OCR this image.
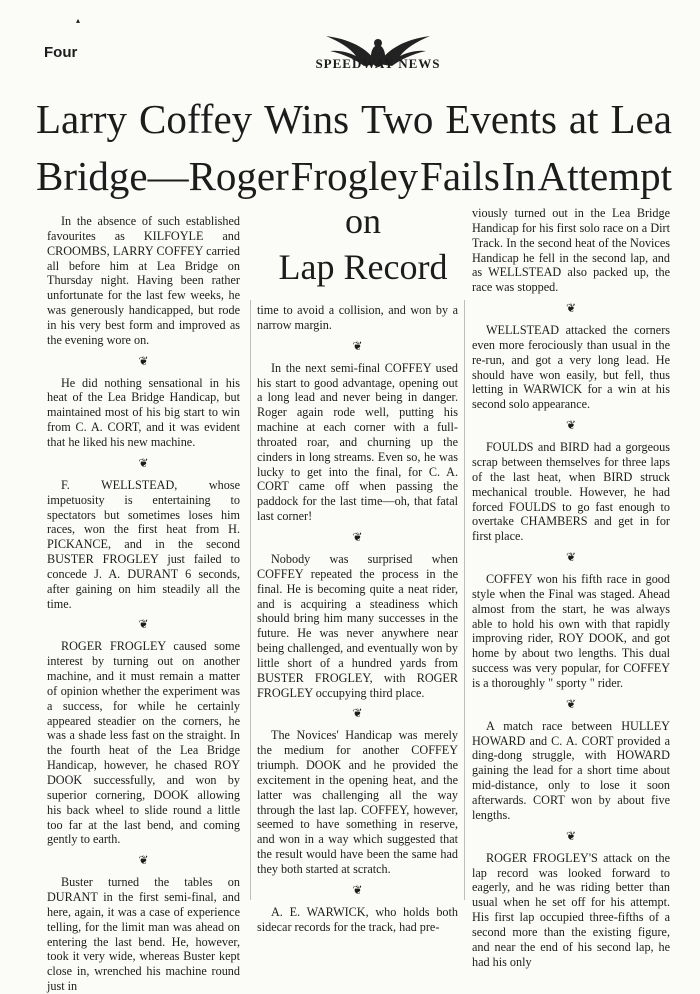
▴
Four
SPEEDWAY NEWS
Larry Coffey Wins Two Events at Lea
Bridge—Roger Frogley Fails In Attempt
on
Lap Record

In the absence of such established favourites as KILFOYLE and CROOMBS, LARRY COFFEY carried all before him at Lea Bridge on Thursday night. Having been rather unfortunate for the last few weeks, he was generously handicapped, but rode in his very best form and improved as the evening wore on.

❦

He did nothing sensational in his heat of the Lea Bridge Handicap, but maintained most of his big start to win from C. A. CORT, and it was evident that he liked his new machine.

❦

F. WELLSTEAD, whose impetuosity is entertaining to spectators but sometimes loses him races, won the first heat from H. PICKANCE, and in the second BUSTER FROGLEY just failed to concede J. A. DURANT 6 seconds, after gaining on him steadily all the time.

❦

ROGER FROGLEY caused some interest by turning out on another machine, and it must remain a matter of opinion whether the experiment was a success, for while he certainly appeared steadier on the corners, he was a shade less fast on the straight. In the fourth heat of the Lea Bridge Handicap, however, he chased ROY DOOK successfully, and won by superior cornering, DOOK allowing his back wheel to slide round a little too far at the last bend, and coming gently to earth.

❦

Buster turned the tables on DURANT in the first semi-final, and here, again, it was a case of experience telling, for the limit man was ahead on entering the last bend. He, however, took it very wide, whereas Buster kept close in, wrenched his machine round just in

time to avoid a collision, and won by a narrow margin.

❦

In the next semi-final COFFEY used his start to good advantage, opening out a long lead and never being in danger. Roger again rode well, putting his machine at each corner with a full-throated roar, and churning up the cinders in long streams. Even so, he was lucky to get into the final, for C. A. CORT came off when passing the paddock for the last time—oh, that fatal last corner!

❦

Nobody was surprised when COFFEY repeated the process in the final. He is becoming quite a neat rider, and is acquiring a steadiness which should bring him many successes in the future. He was never anywhere near being challenged, and eventually won by little short of a hundred yards from BUSTER FROGLEY, with ROGER FROGLEY occupying third place.

❦

The Novices' Handicap was merely the medium for another COFFEY triumph. DOOK and he provided the excitement in the opening heat, and the latter was challenging all the way through the last lap. COFFEY, however, seemed to have something in reserve, and won in a way which suggested that the result would have been the same had they both started at scratch.

❦

A. E. WARWICK, who holds both sidecar records for the track, had pre-

viously turned out in the Lea Bridge Handicap for his first solo race on a Dirt Track. In the second heat of the Novices Handicap he fell in the second lap, and as WELLSTEAD also packed up, the race was stopped.

❦

WELLSTEAD attacked the corners even more ferociously than usual in the re-run, and got a very long lead. He should have won easily, but fell, thus letting in WARWICK for a win at his second solo appearance.

❦

FOULDS and BIRD had a gorgeous scrap between themselves for three laps of the last heat, when BIRD struck mechanical trouble. However, he had forced FOULDS to go fast enough to overtake CHAMBERS and get in for first place.

❦

COFFEY won his fifth race in good style when the Final was staged. Ahead almost from the start, he was always able to hold his own with that rapidly improving rider, ROY DOOK, and got home by about two lengths. This dual success was very popular, for COFFEY is a thoroughly " sporty " rider.

❦

A match race between HULLEY HOWARD and C. A. CORT provided a ding-dong struggle, with HOWARD gaining the lead for a short time about mid-distance, only to lose it soon afterwards. CORT won by about five lengths.

❦

ROGER FROGLEY'S attack on the lap record was looked forward to eagerly, and he was riding better than usual when he set off for his attempt. His first lap occupied three-fifths of a second more than the existing figure, and near the end of his second lap, he had his only
